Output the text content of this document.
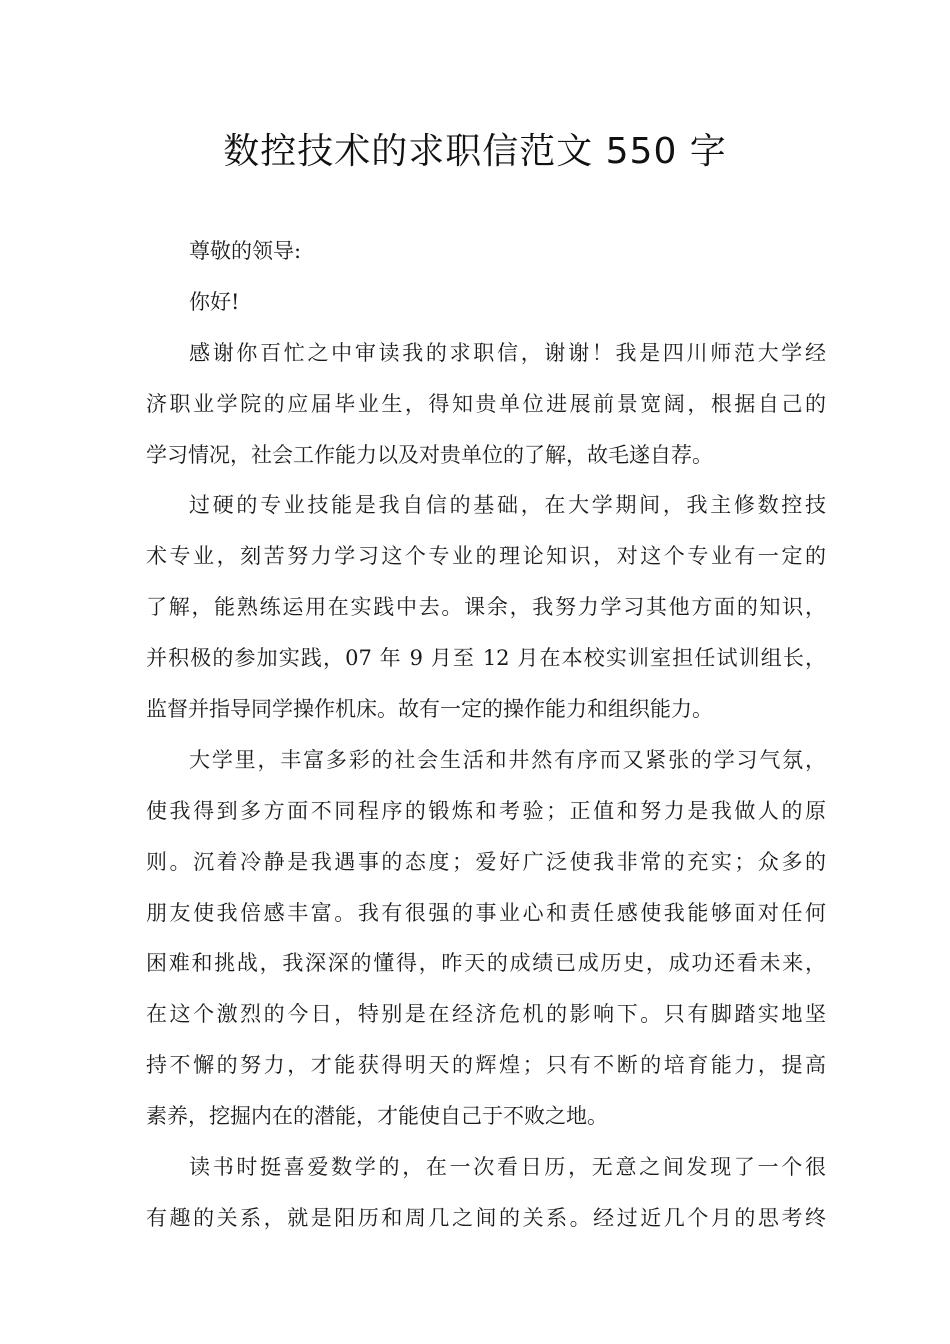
数控技术的求职信范文 550 字
尊敬的领导:
你好!
感谢你百忙之中审读我的求职信，谢谢！我是四川师范大学经
济职业学院的应届毕业生，得知贵单位进展前景宽阔，根据自己的
学习情况，社会工作能力以及对贵单位的了解，故毛遂自荐。
过硬的专业技能是我自信的基础，在大学期间，我主修数控技
术专业，刻苦努力学习这个专业的理论知识，对这个专业有一定的
了解，能熟练运用在实践中去。课余，我努力学习其他方面的知识，
并积极的参加实践，07 年 9 月至 12 月在本校实训室担任试训组长，
监督并指导同学操作机床。故有一定的操作能力和组织能力。
大学里，丰富多彩的社会生活和井然有序而又紧张的学习气氛，
使我得到多方面不同程序的锻炼和考验；正值和努力是我做人的原
则。沉着冷静是我遇事的态度；爱好广泛使我非常的充实；众多的
朋友使我倍感丰富。我有很强的事业心和责任感使我能够面对任何
困难和挑战，我深深的懂得，昨天的成绩已成历史，成功还看未来，
在这个激烈的今日，特别是在经济危机的影响下。只有脚踏实地坚
持不懈的努力，才能获得明天的辉煌；只有不断的培育能力，提高
素养，挖掘内在的潜能，才能使自己于不败之地。
读书时挺喜爱数学的，在一次看日历，无意之间发现了一个很
有趣的关系，就是阳历和周几之间的关系。经过近几个月的思考终
